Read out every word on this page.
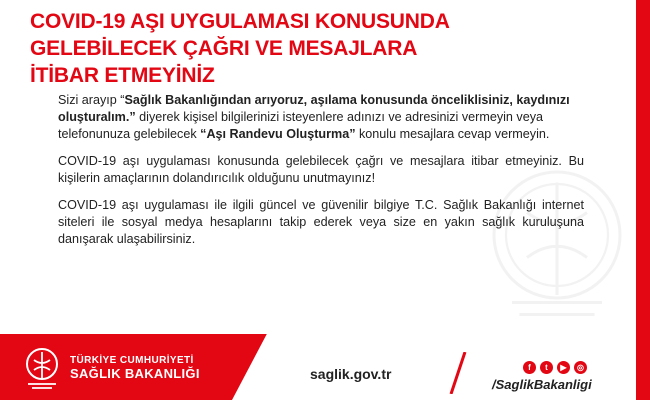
COVID-19 AŞI UYGULAMASI KONUSUNDA
GELEBİLECEK ÇAĞRI VE MESAJLARA
İTİBAR ETMEYİNİZ

Sizi arayıp “Sağlık Bakanlığından arıyoruz, aşılama konusunda önceliklisiniz, kaydınızı oluşturalım.” diyerek kişisel bilgilerinizi isteyenlere adınızı ve adresinizi vermeyin veya telefonunuza gelebilecek “Aşı Randevu Oluşturma” konulu mesajlara cevap vermeyin.

COVID-19 aşı uygulaması konusunda gelebilecek çağrı ve mesajlara itibar etmeyiniz. Bu kişilerin amaçlarının dolandırıcılık olduğunu unutmayınız!

COVID-19 aşı uygulaması ile ilgili güncel ve güvenilir bilgiye T.C. Sağlık Bakanlığı internet siteleri ile sosyal medya hesaplarını takip ederek veya size en yakın sağlık kuruluşuna danışarak ulaşabilirsiniz.

TÜRKİYE CUMHURİYETİ
SAĞLIK BAKANLIĞI	saglik.gov.tr	f	t	▶	◎
/SaglikBakanligi
